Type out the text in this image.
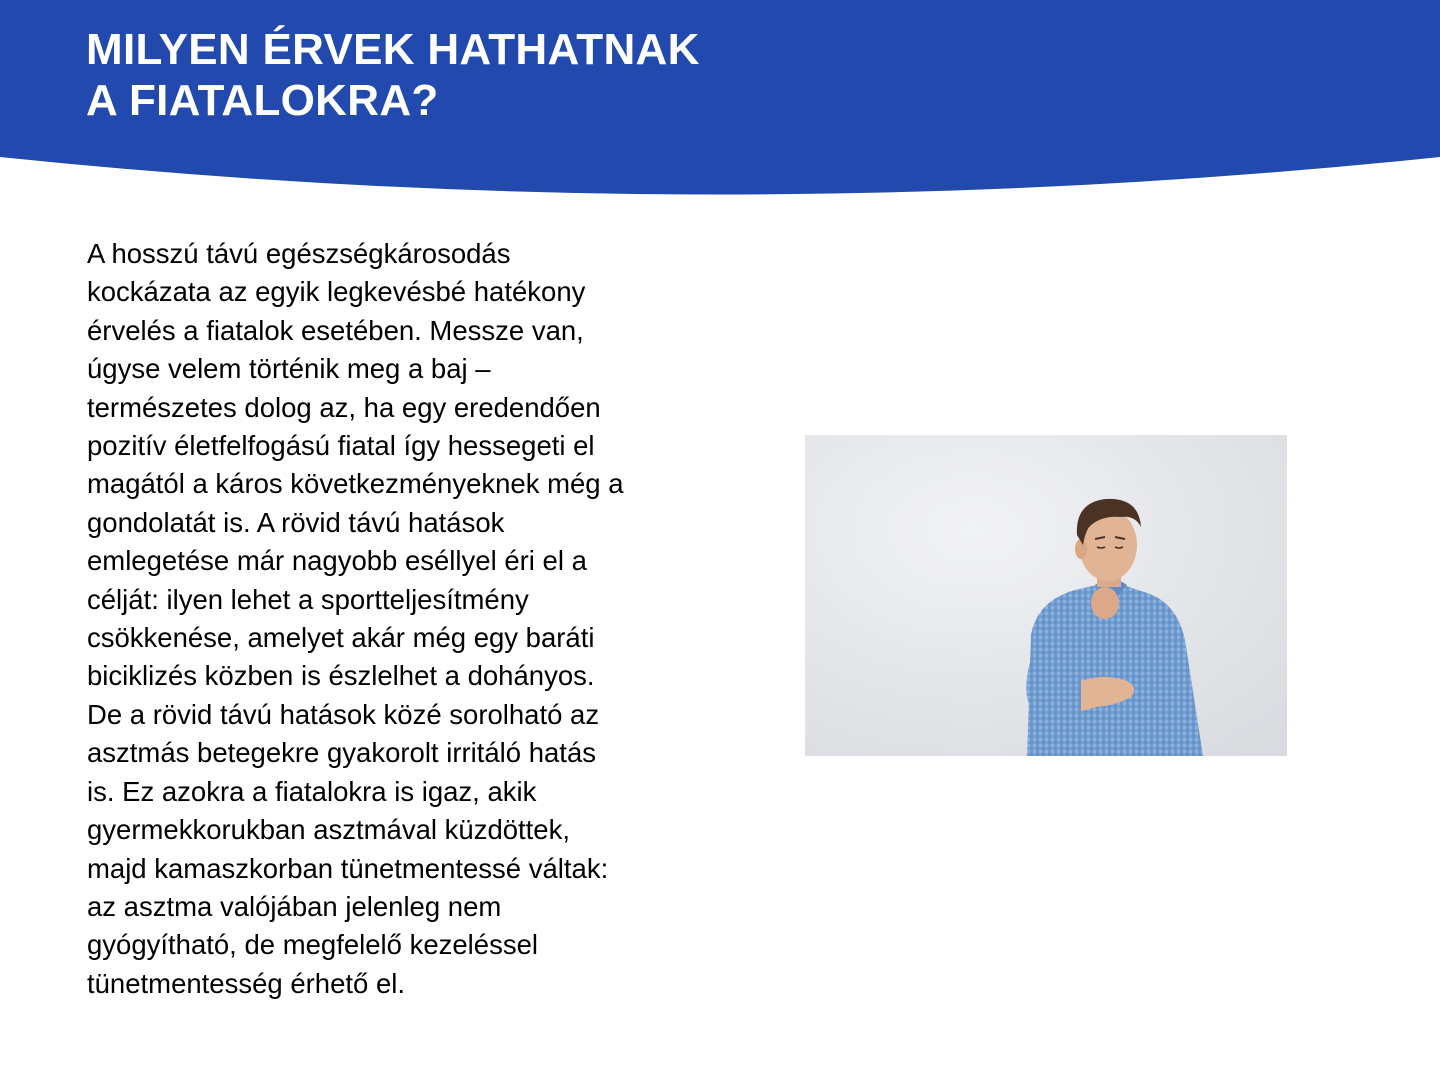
MILYEN ÉRVEK HATHATNAK
A FIATALOKRA?
A hosszú távú egészségkárosodás
kockázata az egyik legkevésbé hatékony
érvelés a fiatalok esetében. Messze van,
úgyse velem történik meg a baj –
természetes dolog az, ha egy eredendően
pozitív életfelfogású fiatal így hessegeti el
magától a káros következményeknek még a
gondolatát is. A rövid távú hatások
emlegetése már nagyobb eséllyel éri el a
célját: ilyen lehet a sportteljesítmény
csökkenése, amelyet akár még egy baráti
biciklizés közben is észlelhet a dohányos.
De a rövid távú hatások közé sorolható az
asztmás betegekre gyakorolt irritáló hatás
is. Ez azokra a fiatalokra is igaz, akik
gyermekkorukban asztmával küzdöttek,
majd kamaszkorban tünetmentessé váltak:
az asztma valójában jelenleg nem
gyógyítható, de megfelelő kezeléssel
tünetmentesség érhető el.
